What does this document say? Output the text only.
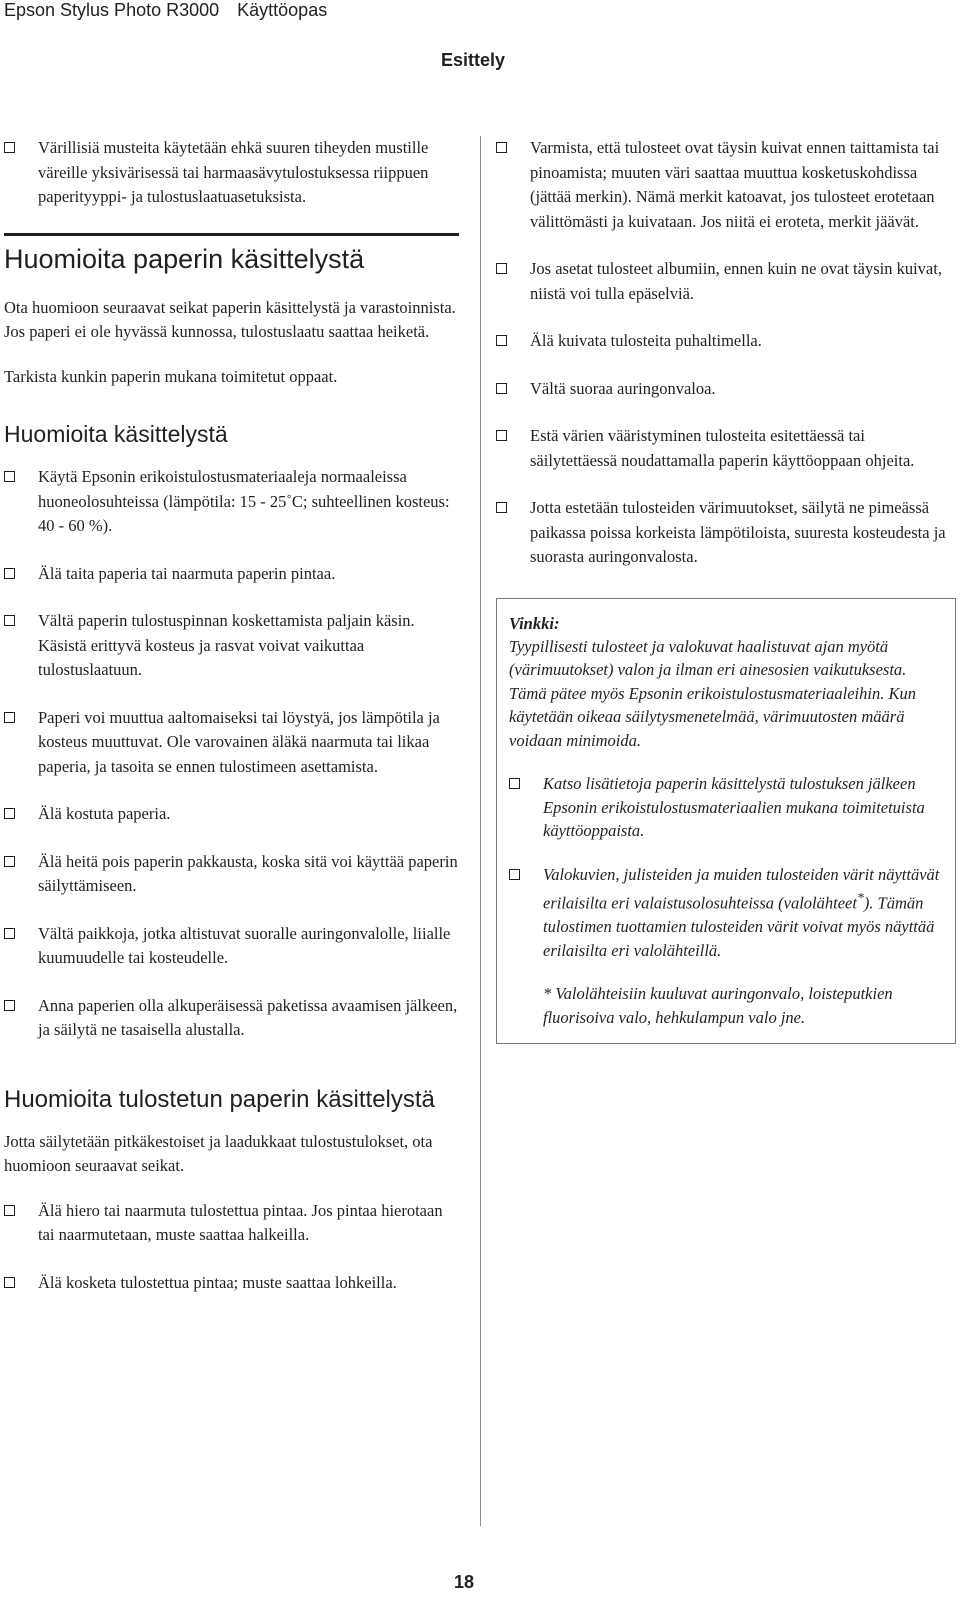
Epson Stylus Photo R3000 Käyttöopas
Esittely
Värillisiä musteita käytetään ehkä suuren tiheyden mustille väreille yksivärisessä tai harmaasävytulostuksessa riippuen paperityyppi- ja tulostuslaatuasetuksista.
Huomioita paperin käsittelystä

Ota huomioon seuraavat seikat paperin käsittelystä ja varastoinnista. Jos paperi ei ole hyvässä kunnossa, tulostuslaatu saattaa heiketä.

Tarkista kunkin paperin mukana toimitetut oppaat.

Huomioita käsittelystä
Käytä Epsonin erikoistulostusmateriaaleja normaaleissa huoneolosuhteissa (lämpötila: 15 - 25˚C; suhteellinen kosteus: 40 - 60 %).
Älä taita paperia tai naarmuta paperin pintaa.
Vältä paperin tulostuspinnan koskettamista paljain käsin. Käsistä erittyvä kosteus ja rasvat voivat vaikuttaa tulostuslaatuun.
Paperi voi muuttua aaltomaiseksi tai löystyä, jos lämpötila ja kosteus muuttuvat. Ole varovainen äläkä naarmuta tai likaa paperia, ja tasoita se ennen tulostimeen asettamista.
Älä kostuta paperia.
Älä heitä pois paperin pakkausta, koska sitä voi käyttää paperin säilyttämiseen.
Vältä paikkoja, jotka altistuvat suoralle auringonvalolle, liialle kuumuudelle tai kosteudelle.
Anna paperien olla alkuperäisessä paketissa avaamisen jälkeen, ja säilytä ne tasaisella alustalla.
Huomioita tulostetun paperin käsittelystä

Jotta säilytetään pitkäkestoiset ja laadukkaat tulostustulokset, ota huomioon seuraavat seikat.

Älä hiero tai naarmuta tulostettua pintaa. Jos pintaa hierotaan tai naarmutetaan, muste saattaa halkeilla.
Älä kosketa tulostettua pintaa; muste saattaa lohkeilla.
Varmista, että tulosteet ovat täysin kuivat ennen taittamista tai pinoamista; muuten väri saattaa muuttua kosketuskohdissa (jättää merkin). Nämä merkit katoavat, jos tulosteet erotetaan välittömästi ja kuivataan. Jos niitä ei eroteta, merkit jäävät.
Jos asetat tulosteet albumiin, ennen kuin ne ovat täysin kuivat, niistä voi tulla epäselviä.
Älä kuivata tulosteita puhaltimella.
Vältä suoraa auringonvaloa.
Estä värien vääristyminen tulosteita esitettäessä tai säilytettäessä noudattamalla paperin käyttöoppaan ohjeita.
Jotta estetään tulosteiden värimuutokset, säilytä ne pimeässä paikassa poissa korkeista lämpötiloista, suuresta kosteudesta ja suorasta auringonvalosta.
Vinkki:

Tyypillisesti tulosteet ja valokuvat haalistuvat ajan myötä (värimuutokset) valon ja ilman eri ainesosien vaikutuksesta. Tämä pätee myös Epsonin erikoistulostusmateriaaleihin. Kun käytetään oikeaa säilytysmenetelmää, värimuutosten määrä voidaan minimoida.

Katso lisätietoja paperin käsittelystä tulostuksen jälkeen Epsonin erikoistulostusmateriaalien mukana toimitetuista käyttöoppaista.
Valokuvien, julisteiden ja muiden tulosteiden värit näyttävät erilaisilta eri valaistusolosuhteissa (valolähteet*). Tämän tulostimen tuottamien tulosteiden värit voivat myös näyttää erilaisilta eri valolähteillä.
* Valolähteisiin kuuluvat auringonvalo, loisteputkien fluorisoiva valo, hehkulampun valo jne.
18
